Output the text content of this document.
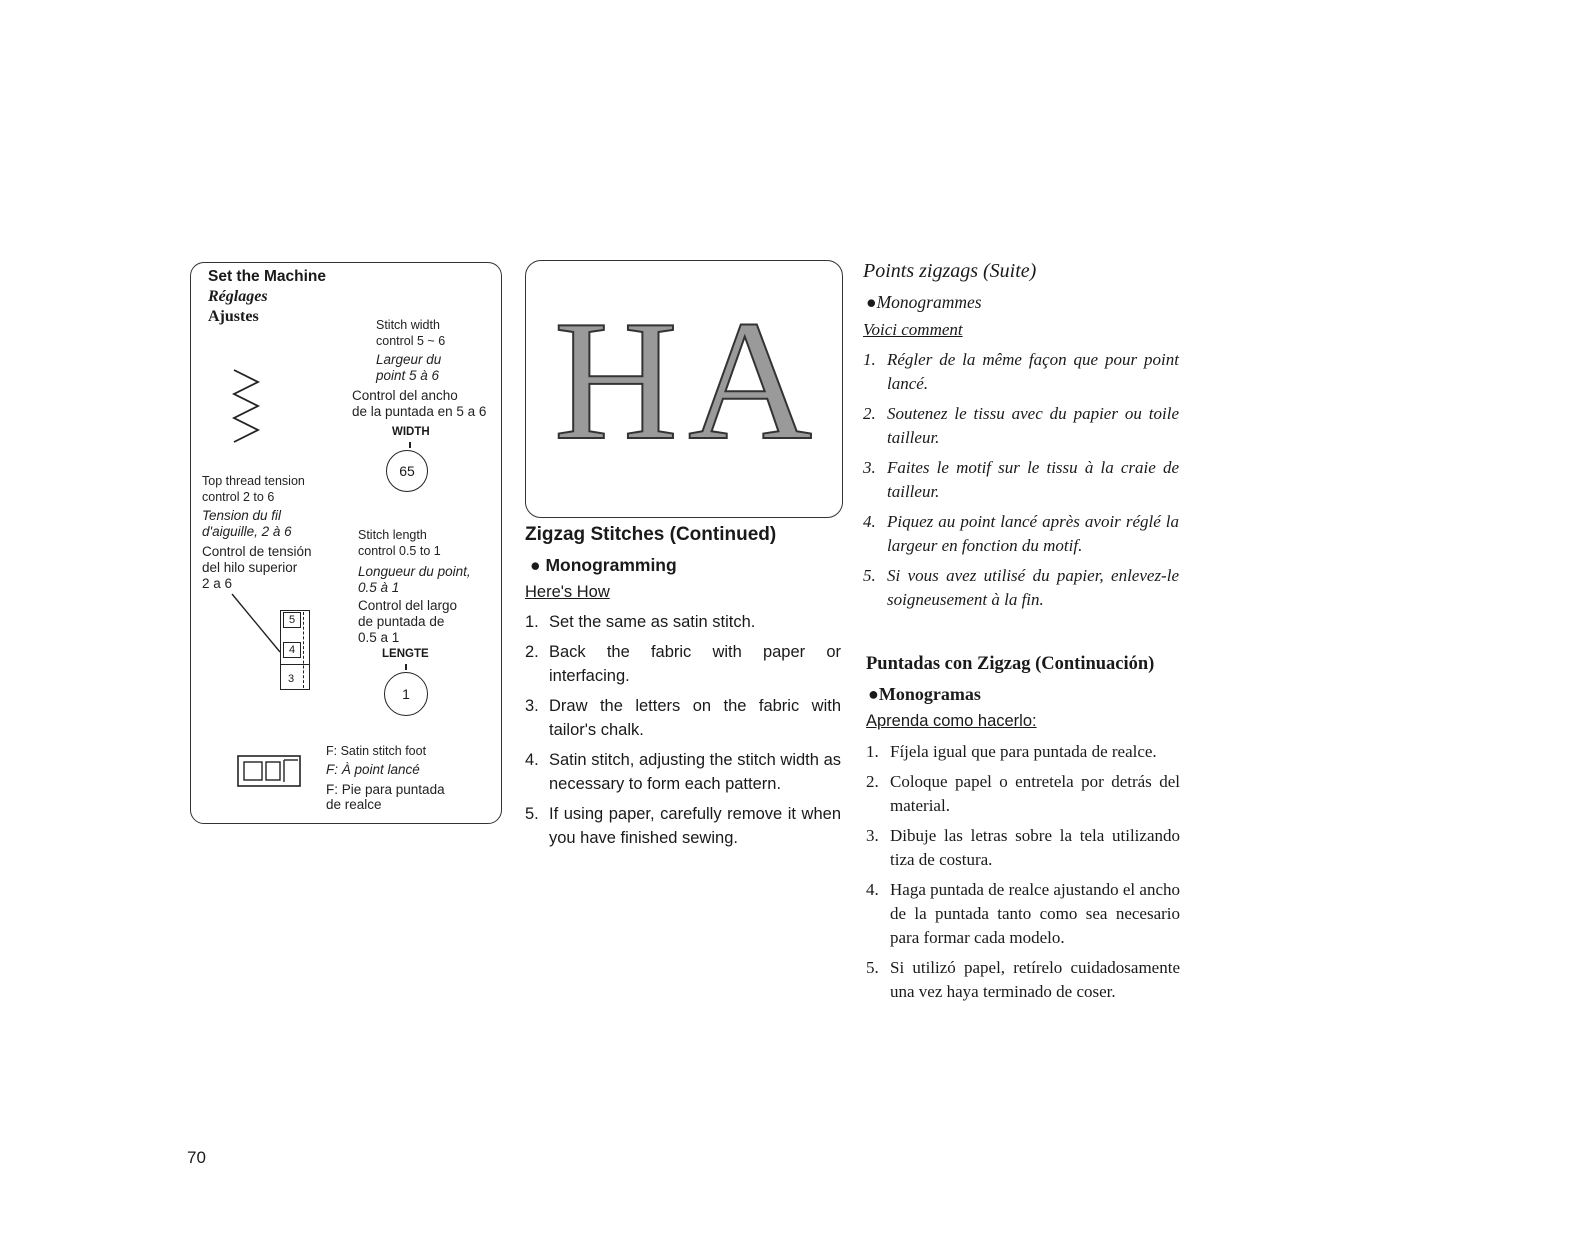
Set the Machine
Réglages
Ajustes	Stitch width
control 5 ~ 6
Largeur du
point 5 à 6
Control del ancho
de la puntada en 5 a 6
WIDTH
65
Top thread tension
control 2 to 6
Tension du fil
d'aiguille, 2 à 6
Control de tensión
del hilo superior
2 a 6
5
4
3
Stitch length
control 0.5 to 1
Longueur du point,
0.5 à 1
Control del largo
de puntada de
0.5 a 1
LENGTE
1
F: Satin stitch foot
F: À point lancé
F: Pie para puntada
de realce
HA
Zigzag Stitches (Continued)
● Monogramming
Here's How
1. Set the same as satin stitch.
2. Back the fabric with paper or interfacing.
3. Draw the letters on the fabric with tailor's chalk.
4. Satin stitch, adjusting the stitch width as necessary to form each pattern.
5. If using paper, carefully remove it when you have finished sewing.
Points zigzags (Suite)
●Monogrammes
Voici comment
1. Régler de la même façon que pour point lancé.
2. Soutenez le tissu avec du papier ou toile tailleur.
3. Faites le motif sur le tissu à la craie de tailleur.
4. Piquez au point lancé après avoir réglé la largeur en fonction du motif.
5. Si vous avez utilisé du papier, enlevez-le soigneusement à la fin.
Puntadas con Zigzag (Continuación)
●Monogramas
Aprenda como hacerlo:
1. Fíjela igual que para puntada de realce.
2. Coloque papel o entretela por detrás del material.
3. Dibuje las letras sobre la tela utilizando tiza de costura.
4. Haga puntada de realce ajustando el ancho de la puntada tanto como sea necesario para formar cada modelo.
5. Si utilizó papel, retírelo cuidadosamente una vez haya terminado de coser.
70
